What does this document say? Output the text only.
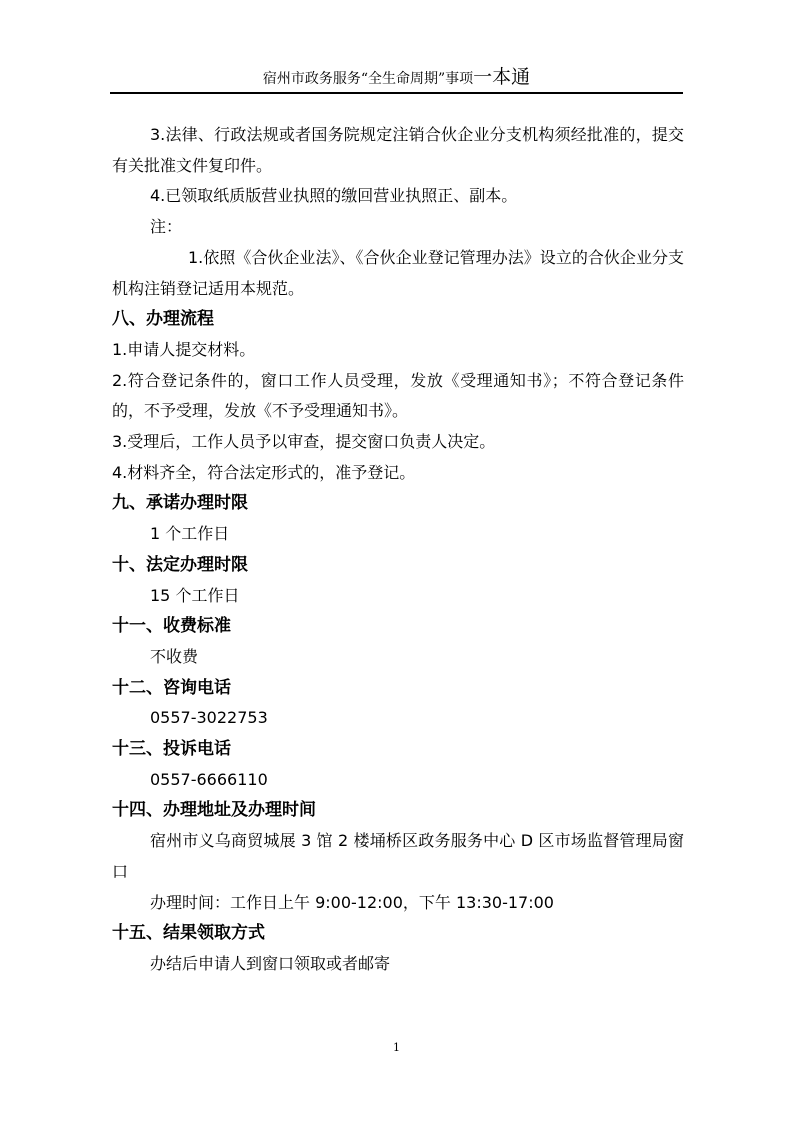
宿州市政务服务“全生命周期”事项一本通

3.法律、行政法规或者国务院规定注销合伙企业分支机构须经批准的，提交有关批准文件复印件。

4.已领取纸质版营业执照的缴回营业执照正、副本。

注：

1.依照《合伙企业法》、《合伙企业登记管理办法》设立的合伙企业分支机构注销登记适用本规范。

八、办理流程

1.申请人提交材料。

2.符合登记条件的，窗口工作人员受理，发放《受理通知书》；不符合登记条件的，不予受理，发放《不予受理通知书》。

3.受理后，工作人员予以审查，提交窗口负责人决定。

4.材料齐全，符合法定形式的，准予登记。

九、承诺办理时限

1 个工作日

十、法定办理时限

15 个工作日

十一、收费标准

不收费

十二、咨询电话

0557-3022753

十三、投诉电话

0557-6666110

十四、办理地址及办理时间

宿州市义乌商贸城展 3 馆 2 楼埇桥区政务服务中心 D 区市场监督管理局窗口

办理时间：工作日上午 9:00-12:00，下午 13:30-17:00

十五、结果领取方式

办结后申请人到窗口领取或者邮寄

1
